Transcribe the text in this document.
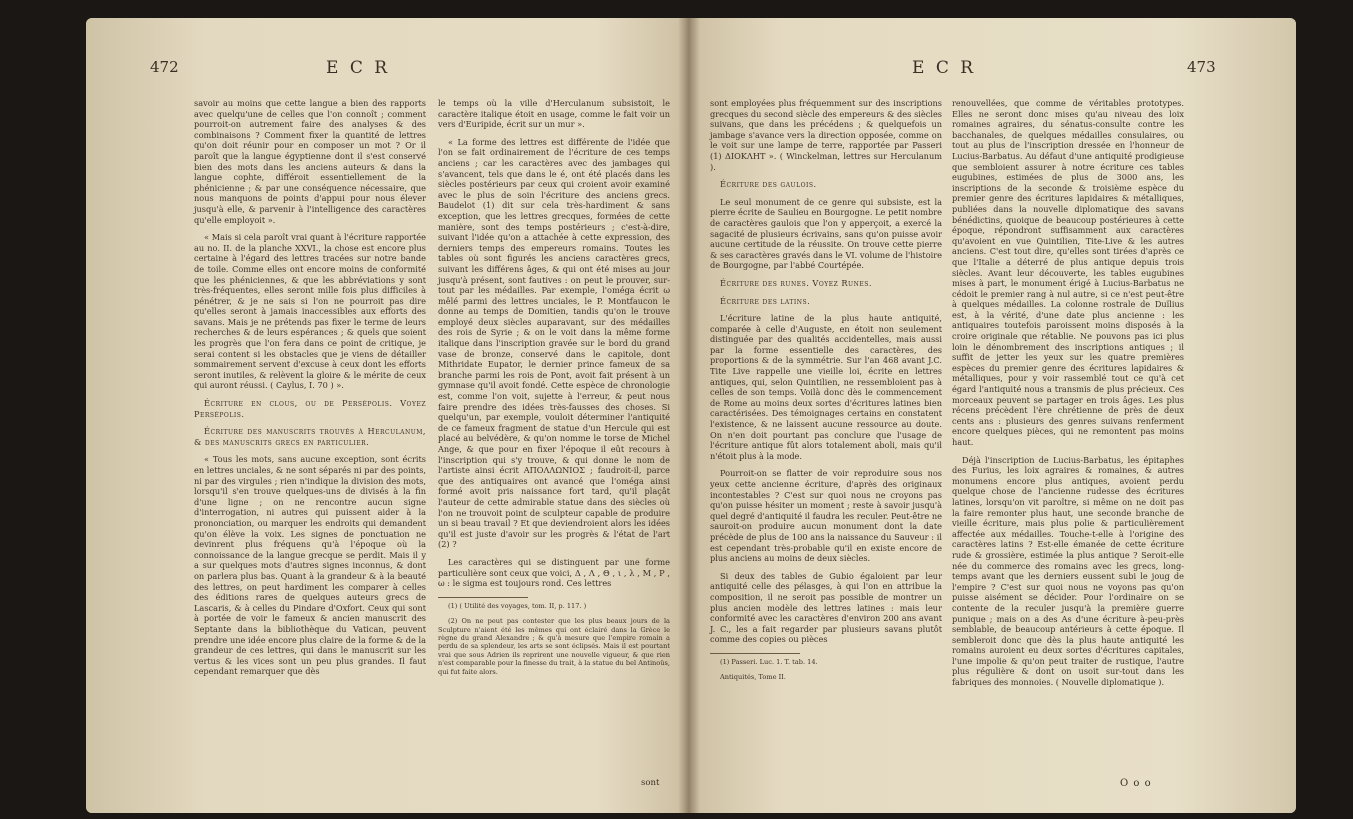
472	E C R

savoir au moins que cette langue a bien des rapports avec quelqu'une de celles que l'on connoît ; comment pourroit-on autrement faire des analyses & des combinaisons ? Comment fixer la quantité de lettres qu'on doit réunir pour en composer un mot ? Or il paroît que la langue égyptienne dont il s'est conservé bien des mots dans les anciens auteurs & dans la langue cophte, différoit essentiellement de la phénicienne ; & par une conséquence nécessaire, que nous manquons de points d'appui pour nous élever jusqu'à elle, & parvenir à l'intelligence des caractères qu'elle employoit ».

« Mais si cela paroît vrai quant à l'écriture rapportée au no. II. de la planche XXVI., la chose est encore plus certaine à l'égard des lettres tracées sur notre bande de toile. Comme elles ont encore moins de conformité que les phéniciennes, & que les abbréviations y sont très-fréquentes, elles seront mille fois plus difficiles à pénétrer, & je ne sais si l'on ne pourroit pas dire qu'elles seront à jamais inaccessibles aux efforts des savans. Mais je ne prétends pas fixer le terme de leurs recherches & de leurs espérances ; & quels que soient les progrès que l'on fera dans ce point de critique, je serai content si les obstacles que je viens de détailler sommairement servent d'excuse à ceux dont les efforts seront inutiles, & relèvent la gloire & le mérite de ceux qui auront réussi. ( Caylus, I. 70 ) ».

Écriture en clous, ou de Persépolis. Voyez Persépolis.

Écriture des manuscrits trouvés à Herculanum, & des manuscrits grecs en particulier.

« Tous les mots, sans aucune exception, sont écrits en lettres unciales, & ne sont séparés ni par des points, ni par des virgules ; rien n'indique la division des mots, lorsqu'il s'en trouve quelques-uns de divisés à la fin d'une ligne ; on ne rencontre aucun signe d'interrogation, ni autres qui puissent aider à la prononciation, ou marquer les endroits qui demandent qu'on élève la voix. Les signes de ponctuation ne devinrent plus fréquens qu'à l'époque où la connoissance de la langue grecque se perdit. Mais il y a sur quelques mots d'autres signes inconnus, & dont on parlera plus bas. Quant à la grandeur & à la beauté des lettres, on peut hardiment les comparer à celles des éditions rares de quelques auteurs grecs de Lascaris, & à celles du Pindare d'Oxfort. Ceux qui sont à portée de voir le fameux & ancien manuscrit des Septante dans la bibliothèque du Vatican, peuvent prendre une idée encore plus claire de la forme & de la grandeur de ces lettres, qui dans le manuscrit sur les vertus & les vices sont un peu plus grandes. Il faut cependant remarquer que dès

le temps où la ville d'Herculanum subsistoit, le caractère italique étoit en usage, comme le fait voir un vers d'Euripide, écrit sur un mur ».

« La forme des lettres est différente de l'idée que l'on se fait ordinairement de l'écriture de ces temps anciens ; car les caractères avec des jambages qui s'avancent, tels que dans le é, ont été placés dans les siècles postérieurs par ceux qui croient avoir examiné avec le plus de soin l'écriture des anciens grecs. Baudelot (1) dit sur cela très-hardiment & sans exception, que les lettres grecques, formées de cette manière, sont des temps postérieurs ; c'est-à-dire, suivant l'idée qu'on a attachée à cette expression, des derniers temps des empereurs romains. Toutes les tables où sont figurés les anciens caractères grecs, suivant les différens âges, & qui ont été mises au jour jusqu'à présent, sont fautives : on peut le prouver, sur-tout par les médailles. Par exemple, l'oméga écrit ω mêlé parmi des lettres unciales, le P. Montfaucon le donne au temps de Domitien, tandis qu'on le trouve employé deux siècles auparavant, sur des médailles des rois de Syrie ; & on le voit dans la même forme italique dans l'inscription gravée sur le bord du grand vase de bronze, conservé dans le capitole, dont Mithridate Eupator, le dernier prince fameux de sa branche parmi les rois de Pont, avoit fait présent à un gymnase qu'il avoit fondé. Cette espèce de chronologie est, comme l'on voit, sujette à l'erreur, & peut nous faire prendre des idées très-fausses des choses. Si quelqu'un, par exemple, vouloit déterminer l'antiquité de ce fameux fragment de statue d'un Hercule qui est placé au belvédère, & qu'on nomme le torse de Michel Ange, & que pour en fixer l'époque il eût recours à l'inscription qui s'y trouve, & qui donne le nom de l'artiste ainsi écrit ΑΠΟΛΛΩΝΙΟΣ ; faudroit-il, parce que des antiquaires ont avancé que l'oméga ainsi formé avoit pris naissance fort tard, qu'il plaçât l'auteur de cette admirable statue dans des siècles où l'on ne trouvoit point de sculpteur capable de produire un si beau travail ? Et que deviendroient alors les idées qu'il est juste d'avoir sur les progrès & l'état de l'art (2) ?

Les caractères qui se distinguent par une forme particulière sont ceux que voici, Δ , Λ , Θ , ι , λ , Μ , Ρ , ω : le sigma est toujours rond. Ces lettres

(1) ( Utilité des voyages, tom. II, p. 117. )

(2) On ne peut pas contester que les plus beaux jours de la Sculpture n'aient été les mêmes qui ont éclairé dans la Grèce le règne du grand Alexandre ; & qu'à mesure que l'empire romain a perdu de sa splendeur, les arts se sont éclipsés. Mais il est pourtant vrai que sous Adrien ils reprirent une nouvelle vigueur, & que rien n'est comparable pour la finesse du trait, à la statue du bel Antinoüs, qui fut faite alors.

sont
E C R	473

sont employées plus fréquemment sur des inscriptions grecques du second siècle des empereurs & des siècles suivans, que dans les précédens ; & quelquefois un jambage s'avance vers la direction opposée, comme on le voit sur une lampe de terre, rapportée par Passeri (1) ΔΙΟΚΛΗΤ ». ( Winckelman, lettres sur Herculanum ).

Écriture des gaulois.

Le seul monument de ce genre qui subsiste, est la pierre écrite de Saulieu en Bourgogne. Le petit nombre de caractères gaulois que l'on y apperçoit, a exercé la sagacité de plusieurs écrivains, sans qu'on puisse avoir aucune certitude de la réussite. On trouve cette pierre & ses caractères gravés dans le VI. volume de l'histoire de Bourgogne, par l'abbé Courtépée.

Écriture des runes. Voyez Runes.

Écriture des latins.

L'écriture latine de la plus haute antiquité, comparée à celle d'Auguste, en étoit non seulement distinguée par des qualités accidentelles, mais aussi par la forme essentielle des caractères, des proportions & de la symmétrie. Sur l'an 468 avant J.C. Tite Live rappelle une vieille loi, écrite en lettres antiques, qui, selon Quintilien, ne ressembloient pas à celles de son temps. Voilà donc dès le commencement de Rome au moins deux sortes d'écritures latines bien caractérisées. Des témoignages certains en constatent l'existence, & ne laissent aucune ressource au doute. On n'en doit pourtant pas conclure que l'usage de l'écriture antique fût alors totalement aboli, mais qu'il n'étoit plus à la mode.

Pourroit-on se flatter de voir reproduire sous nos yeux cette ancienne écriture, d'après des originaux incontestables ? C'est sur quoi nous ne croyons pas qu'on puisse hésiter un moment ; reste à savoir jusqu'à quel degré d'antiquité il faudra les reculer. Peut-être ne sauroit-on produire aucun monument dont la date précède de plus de 100 ans la naissance du Sauveur : il est cependant très-probable qu'il en existe encore de plus anciens au moins de deux siècles.

Si deux des tables de Gubio égaloient par leur antiquité celle des pélasges, à qui l'on en attribue la composition, il ne seroit pas possible de montrer un plus ancien modèle des lettres latines : mais leur conformité avec les caractères d'environ 200 ans avant J. C., les a fait regarder par plusieurs savans plutôt comme des copies ou pièces

(1) Passeri. Luc. 1. T. tab. 14.

Antiquités, Tome II.

renouvellées, que comme de véritables prototypes. Elles ne seront donc mises qu'au niveau des loix romaines agraires, du sénatus-consulte contre les bacchanales, de quelques médailles consulaires, ou tout au plus de l'inscription dressée en l'honneur de Lucius-Barbatus. Au défaut d'une antiquité prodigieuse que sembloient assurer à notre écriture ces tables eugubines, estimées de plus de 3000 ans, les inscriptions de la seconde & troisième espèce du premier genre des écritures lapidaires & métalliques, publiées dans la nouvelle diplomatique des savans bénédictins, quoique de beaucoup postérieures à cette époque, répondront suffisamment aux caractères qu'avoient en vue Quintilien, Tite-Live & les autres anciens. C'est tout dire, qu'elles sont tirées d'après ce que l'Italie a déterré de plus antique depuis trois siècles. Avant leur découverte, les tables eugubines mises à part, le monument érigé à Lucius-Barbatus ne cédoit le premier rang à nul autre, si ce n'est peut-être à quelques médailles. La colonne rostrale de Duïlius est, à la vérité, d'une date plus ancienne : les antiquaires toutefois paroissent moins disposés à la croire originale que rétablie. Ne pouvons pas ici plus loin le dénombrement des inscriptions antiques ; il suffit de jetter les yeux sur les quatre premières espèces du premier genre des écritures lapidaires & métalliques, pour y voir rassemblé tout ce qu'à cet égard l'antiquité nous a transmis de plus précieux. Ces morceaux peuvent se partager en trois âges. Les plus récens précèdent l'ère chrétienne de près de deux cents ans : plusieurs des genres suivans renferment encore quelques pièces, qui ne remontent pas moins haut.

Déjà l'inscription de Lucius-Barbatus, les épitaphes des Furius, les loix agraires & romaines, & autres monumens encore plus antiques, avoient perdu quelque chose de l'ancienne rudesse des écritures latines, lorsqu'on vit paroître, si même on ne doit pas la faire remonter plus haut, une seconde branche de vieille écriture, mais plus polie & particulièrement affectée aux médailles. Touche-t-elle à l'origine des caractères latins ? Est-elle émanée de cette écriture rude & grossière, estimée la plus antique ? Seroit-elle née du commerce des romains avec les grecs, long-temps avant que les derniers eussent subi le joug de l'empire ? C'est sur quoi nous ne voyons pas qu'on puisse aisément se décider. Pour l'ordinaire on se contente de la reculer jusqu'à la première guerre punique ; mais on a des As d'une écriture à-peu-près semblable, de beaucoup antérieurs à cette époque. Il sembleroit donc que dès la plus haute antiquité les romains auroient eu deux sortes d'écritures capitales, l'une impolie & qu'on peut traiter de rustique, l'autre plus régulière & dont on usoit sur-tout dans les fabriques des monnoies. ( Nouvelle diplomatique ).

O o o
